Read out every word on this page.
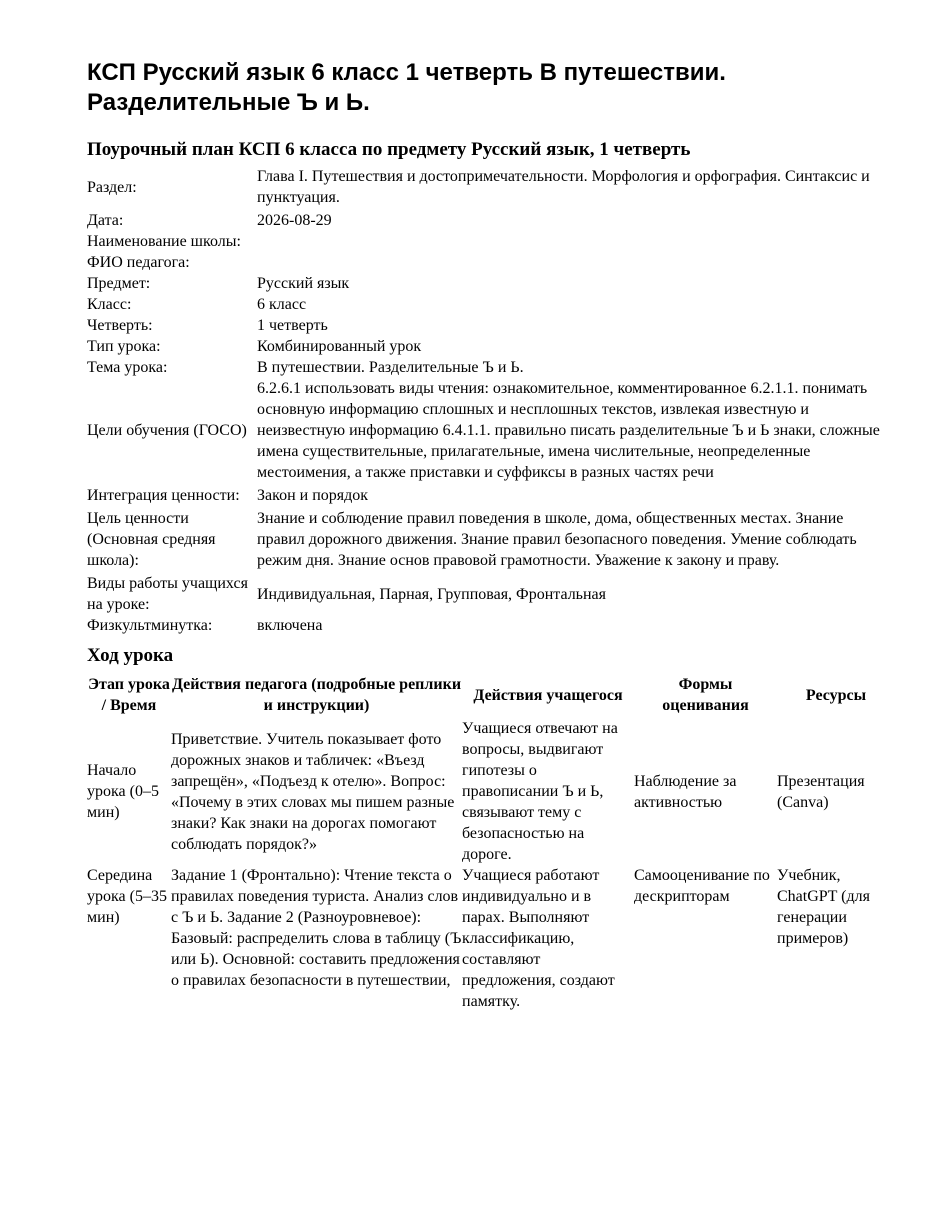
КСП Русский язык 6 класс 1 четверть В путешествии. Разделительные Ъ и Ь.
Поурочный план КСП 6 класса по предмету Русский язык, 1 четверть
Раздел:	Глава I. Путешествия и достопримечательности. Морфология и орфография. Синтаксис и пунктуация.
Дата:	2026-08-29
Наименование школы:	
ФИО педагога:	
Предмет:	Русский язык
Класс:	6 класс
Четверть:	1 четверть
Тип урока:	Комбинированный урок
Тема урока:	В путешествии. Разделительные Ъ и Ь.
Цели обучения (ГОСО)	6.2.6.1 использовать виды чтения: ознакомительное, комментированное 6.2.1.1. понимать основную информацию сплошных и несплошных текстов, извлекая известную и неизвестную информацию 6.4.1.1. правильно писать разделительные Ъ и Ь знаки, сложные имена существительные, прилагательные, имена числительные, неопределенные местоимения, а также приставки и суффиксы в разных частях речи
Интеграция ценности:	Закон и порядок
Цель ценности (Основная средняя школа):	Знание и соблюдение правил поведения в школе, дома, общественных местах. Знание правил дорожного движения. Знание правил безопасного поведения. Умение соблюдать режим дня. Знание основ правовой грамотности. Уважение к закону и праву.
Виды работы учащихся на уроке:	Индивидуальная, Парная, Групповая, Фронтальная
Физкультминутка:	включена
Ход урока
Этап урока / Время	Действия педагога (подробные реплики и инструкции)	Действия учащегося	Формы оценивания	Ресурсы
Начало урока (0–5 мин)	Приветствие. Учитель показывает фото дорожных знаков и табличек: «Въезд запрещён», «Подъезд к отелю». Вопрос: «Почему в этих словах мы пишем разные знаки? Как знаки на дорогах помогают соблюдать порядок?»	Учащиеся отвечают на вопросы, выдвигают гипотезы о правописании Ъ и Ь, связывают тему с безопасностью на дороге.	Наблюдение за активностью	Презентация (Canva)
Середина урока (5–35 мин)	Задание 1 (Фронтально): Чтение текста о правилах поведения туриста. Анализ слов с Ъ и Ь. Задание 2 (Разноуровневое): Базовый: распределить слова в таблицу (Ъ или Ь). Основной: составить предложения о правилах безопасности в путешествии,	Учащиеся работают индивидуально и в парах. Выполняют классификацию, составляют предложения, создают памятку.	Самооценивание по дескрипторам	Учебник, ChatGPT (для генерации примеров)
